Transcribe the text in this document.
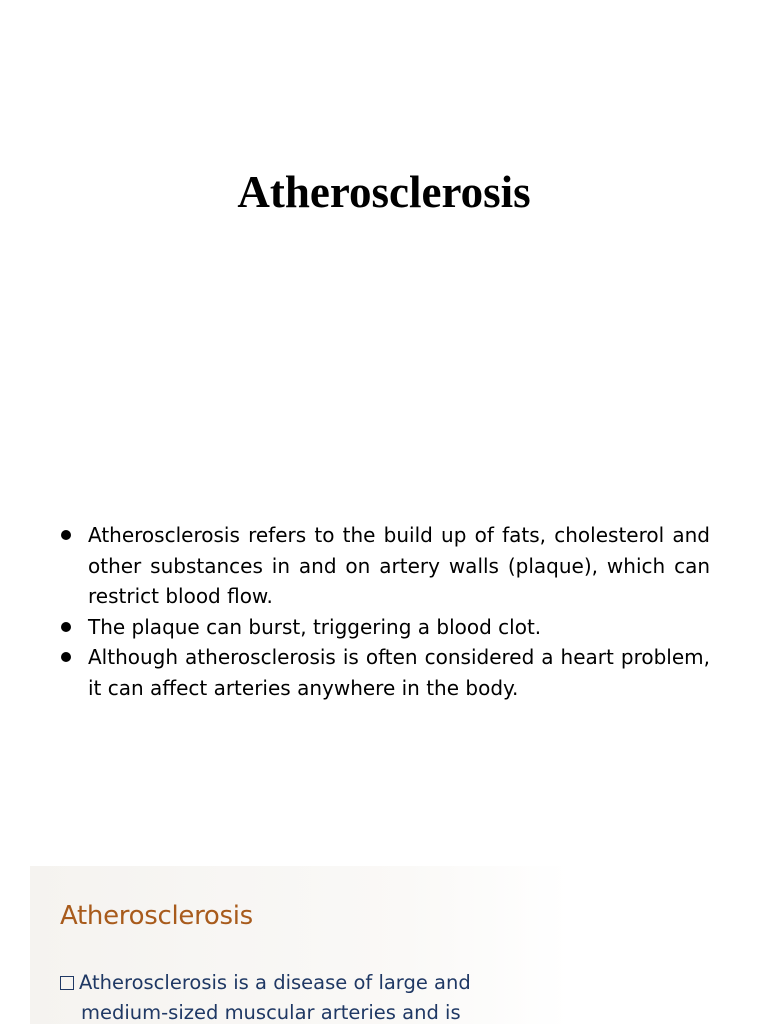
Atherosclerosis
Atherosclerosis refers to the build up of fats, cholesterol and other substances in and on artery walls (plaque), which can restrict blood flow.
The plaque can burst, triggering a blood clot.
Although atherosclerosis is often considered a heart problem, it can affect arteries anywhere in the body.
Atherosclerosis
Atherosclerosis is a disease of large and
medium-sized muscular arteries and is
